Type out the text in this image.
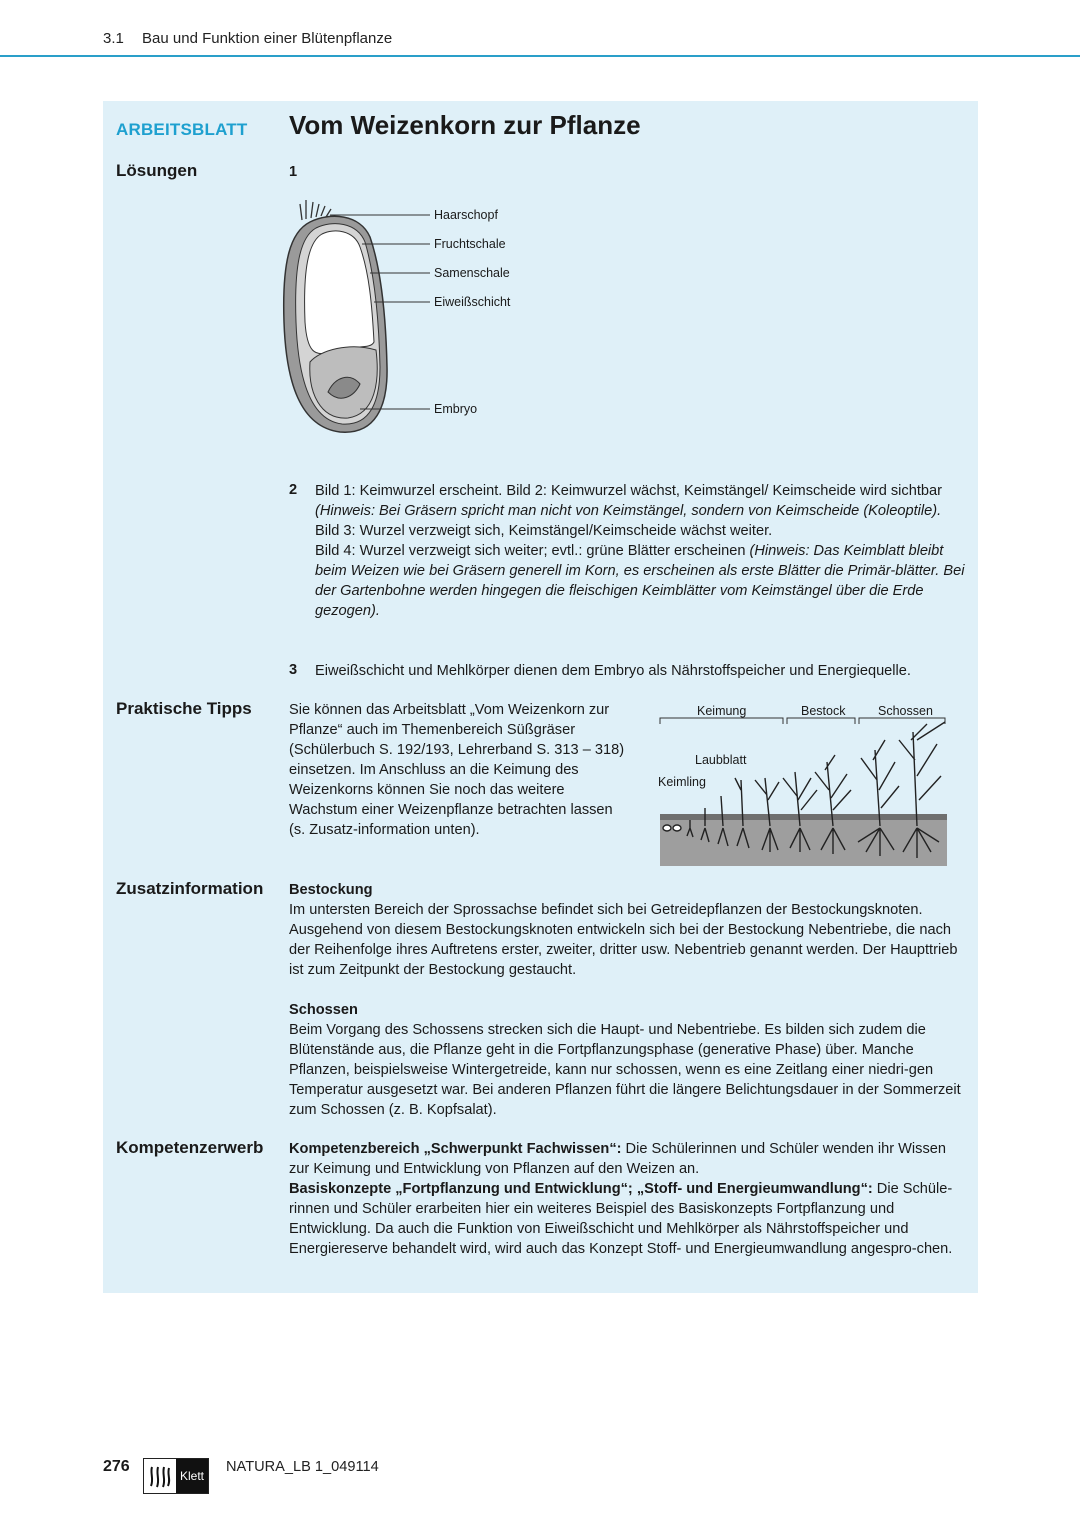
3.1 Bau und Funktion einer Blütenpflanze
ARBEITSBLATT Vom Weizenkorn zur Pflanze
Lösungen	1
Haarschopf
Fruchtschale
Samenschale
Eiweißschicht
Embryo
2 Bild 1: Keimwurzel erscheint. Bild 2: Keimwurzel wächst, Keimstängel/ Keimscheide wird sichtbar (Hinweis: Bei Gräsern spricht man nicht von Keimstängel, sondern von Keimscheide (Koleoptile).
Bild 3: Wurzel verzweigt sich, Keimstängel/Keimscheide wächst weiter.
Bild 4: Wurzel verzweigt sich weiter; evtl.: grüne Blätter erscheinen (Hinweis: Das Keimblatt bleibt beim Weizen wie bei Gräsern generell im Korn, es erscheinen als erste Blätter die Primär-blätter. Bei der Gartenbohne werden hingegen die fleischigen Keimblätter vom Keimstängel über die Erde gezogen).
3 Eiweißschicht und Mehlkörper dienen dem Embryo als Nährstoffspeicher und Energiequelle.
Praktische Tipps	Sie können das Arbeitsblatt „Vom Weizenkorn zur Pflanze“ auch im Themenbereich Süßgräser (Schülerbuch S. 192/193, Lehrerband S. 313 – 318) einsetzen. Im Anschluss an die Keimung des Weizenkorns können Sie noch das weitere Wachstum einer Weizenpflanze betrachten lassen (s. Zusatz-information unten).
Keimung	Bestock	Schossen
Laubblatt
Keimling
Zusatzinformation Bestockung
Im untersten Bereich der Sprossachse befindet sich bei Getreidepflanzen der Bestockungsknoten. Ausgehend von diesem Bestockungsknoten entwickeln sich bei der Bestockung Nebentriebe, die nach der Reihenfolge ihres Auftretens erster, zweiter, dritter usw. Nebentrieb genannt werden. Der Haupttrieb ist zum Zeitpunkt der Bestockung gestaucht.
Schossen
Beim Vorgang des Schossens strecken sich die Haupt- und Nebentriebe. Es bilden sich zudem die Blütenstände aus, die Pflanze geht in die Fortpflanzungsphase (generative Phase) über. Manche Pflanzen, beispielsweise Wintergetreide, kann nur schossen, wenn es eine Zeitlang einer niedri-gen Temperatur ausgesetzt war. Bei anderen Pflanzen führt die längere Belichtungsdauer in der Sommerzeit zum Schossen (z. B. Kopfsalat).
Kompetenzerwerb Kompetenzbereich „Schwerpunkt Fachwissen“: Die Schülerinnen und Schüler wenden ihr Wissen zur Keimung und Entwicklung von Pflanzen auf den Weizen an.
Basiskonzepte „Fortpflanzung und Entwicklung“; „Stoff- und Energieumwandlung“: Die Schüle-rinnen und Schüler erarbeiten hier ein weiteres Beispiel des Basiskonzepts Fortpflanzung und Entwicklung. Da auch die Funktion von Eiweißschicht und Mehlkörper als Nährstoffspeicher und Energiereserve behandelt wird, wird auch das Konzept Stoff- und Energieumwandlung angespro-chen.
276
Klett
NATURA_LB 1_049114
